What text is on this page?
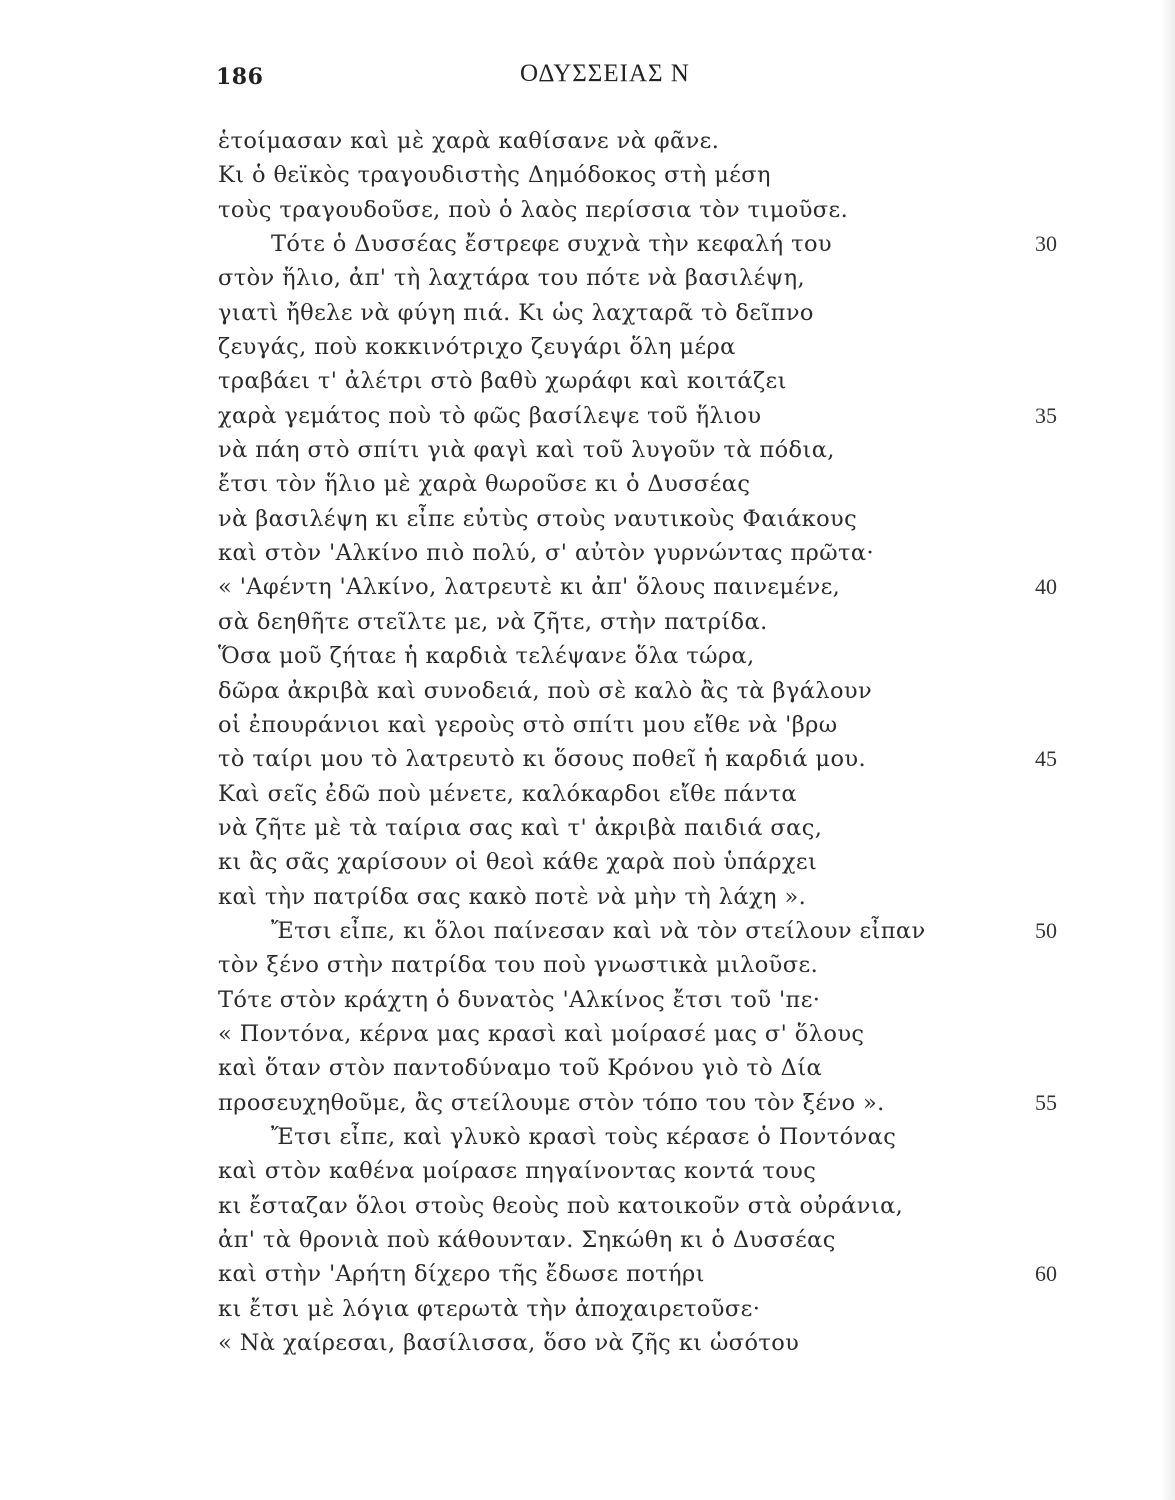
186	ΟΔΥΣΣΕΙΑΣ Ν
ἑτοίμασαν καὶ μὲ χαρὰ καθίσανε νὰ φᾶνε.
Κι ὁ θεϊκὸς τραγουδιστὴς Δημόδοκος στὴ μέση
τοὺς τραγουδοῦσε, ποὺ ὁ λαὸς περίσσια τὸν τιμοῦσε.
Τότε ὁ Δυσσέας ἔστρεφε συχνὰ τὴν κεφαλή του	30
στὸν ἥλιο, ἀπ' τὴ λαχτάρα του πότε νὰ βασιλέψη,
γιατὶ ἤθελε νὰ φύγη πιά. Κι ὡς λαχταρᾶ τὸ δεῖπνο
ζευγάς, ποὺ κοκκινότριχο ζευγάρι ὅλη μέρα
τραβάει τ' ἀλέτρι στὸ βαθὺ χωράφι καὶ κοιτάζει
χαρὰ γεμάτος ποὺ τὸ φῶς βασίλεψε τοῦ ἥλιου	35
νὰ πάη στὸ σπίτι γιὰ φαγὶ καὶ τοῦ λυγοῦν τὰ πόδια,
ἔτσι τὸν ἥλιο μὲ χαρὰ θωροῦσε κι ὁ Δυσσέας
νὰ βασιλέψη κι εἶπε εὐτὺς στοὺς ναυτικοὺς Φαιάκους
καὶ στὸν 'Αλκίνο πιὸ πολύ, σ' αὐτὸν γυρνώντας πρῶτα·
« 'Αφέντη 'Αλκίνο, λατρευτὲ κι ἀπ' ὅλους παινεμένε,	40
σὰ δεηθῆτε στεῖλτε με, νὰ ζῆτε, στὴν πατρίδα.
Ὅσα μοῦ ζήταε ἡ καρδιὰ τελέψανε ὅλα τώρα,
δῶρα ἀκριβὰ καὶ συνοδειά, ποὺ σὲ καλὸ ἂς τὰ βγάλουν
οἱ ἐπουράνιοι καὶ γεροὺς στὸ σπίτι μου εἴθε νὰ 'βρω
τὸ ταίρι μου τὸ λατρευτὸ κι ὅσους ποθεῖ ἡ καρδιά μου.	45
Καὶ σεῖς ἐδῶ ποὺ μένετε, καλόκαρδοι εἴθε πάντα
νὰ ζῆτε μὲ τὰ ταίρια σας καὶ τ' ἀκριβὰ παιδιά σας,
κι ἂς σᾶς χαρίσουν οἱ θεοὶ κάθε χαρὰ ποὺ ὑπάρχει
καὶ τὴν πατρίδα σας κακὸ ποτὲ νὰ μὴν τὴ λάχη ».
Ἔτσι εἶπε, κι ὅλοι παίνεσαν καὶ νὰ τὸν στείλουν εἶπαν	50
τὸν ξένο στὴν πατρίδα του ποὺ γνωστικὰ μιλοῦσε.
Τότε στὸν κράχτη ὁ δυνατὸς 'Αλκίνος ἔτσι τοῦ 'πε·
« Ποντόνα, κέρνα μας κρασὶ καὶ μοίρασέ μας σ' ὅλους
καὶ ὅταν στὸν παντοδύναμο τοῦ Κρόνου γιὸ τὸ Δία
προσευχηθοῦμε, ἂς στείλουμε στὸν τόπο του τὸν ξένο ».	55
Ἔτσι εἶπε, καὶ γλυκὸ κρασὶ τοὺς κέρασε ὁ Ποντόνας
καὶ στὸν καθένα μοίρασε πηγαίνοντας κοντά τους
κι ἔσταζαν ὅλοι στοὺς θεοὺς ποὺ κατοικοῦν στὰ οὐράνια,
ἀπ' τὰ θρονιὰ ποὺ κάθουνταν. Σηκώθη κι ὁ Δυσσέας
καὶ στὴν 'Αρήτη δίχερο τῆς ἔδωσε ποτήρι	60
κι ἔτσι μὲ λόγια φτερωτὰ τὴν ἀποχαιρετοῦσε·
« Νὰ χαίρεσαι, βασίλισσα, ὅσο νὰ ζῆς κι ὡσότου
